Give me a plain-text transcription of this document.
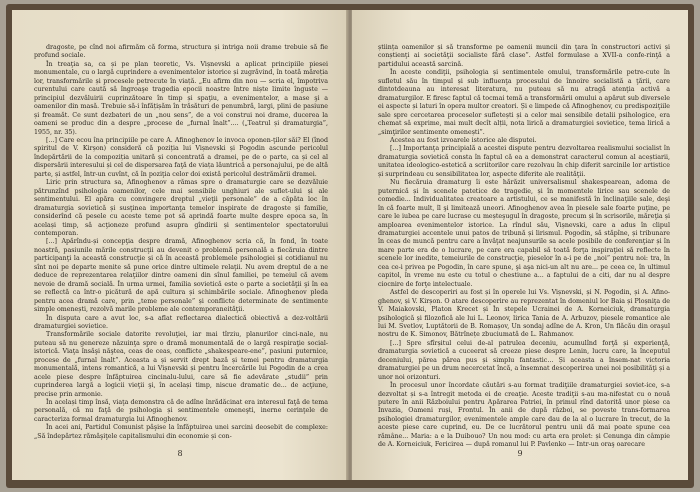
dragoste, pe cînd noi afirmăm că forma, structura și intriga noii drame trebuie să fie profund sociale.

În treaţia sa, ca și pe plan teoretic, Vs. Vișnevski a aplicat principiile piesei monumentale, cu o largă cuprindere a evenimentelor istorice și zugrăvind, în toată măreția lor, transformările și procesele petrecute în viață. „Eu afirm din nou — scria el, împotriva curentului care caută să îngroaşe tragedia epocii noastre între niște limite înguste — principiul dezvăluirii cuprinzătoare în timp și spaţiu, a evenimentelor, a mase şi a oamenilor din masă. Trebuie să-i înfățișăm în trăsături de penumbră, largi, plini de pasiune și freamăt. Ce sunt dezbateri de un „nou sens”, de a voi construi noi drame, ducerea la oameni se produc din a despre „procese de „furnal înalt”.... („Teatrul și dramaturgia”, 1955, nr. 35).

[...] Care ecou îna principiile pe care A. Afinoghenov le invoca oponen-ţilor săi? El (înod spiritul de V. Kirșon) consideră că poziția lui Vișnevski și Pogodin ascunde pericolul îndepărtării de la compoziția unitară și concentrată a dramei, pe de o parte, ca și cel al dispersării interesului și cel de dispersarea faţă de viața lăuntrică a personajului, pe de altă parte, și astfel, într-un cuvînt, că în poziţia celor doi există pericolul destrămării dramei.

Liric prin structura sa, Afinoghenov a rămas spre o dramaturgie care se dezvăluie pătrunzînd psihologia oamenilor, cele mai sensibile unghiuri ale suflet-ului și ale sentimentului. El apăra cu convingere dreptul „vieţii personale” de a căpăta loc în dramaturgia sovietică și susţinea importanţa temelor inspirate de dragoste și familie, considerînd că pesele cu aceste teme pot să aprindă foarte multe despre epoca sa, în același timp, să acţioneze profund asupra gîndirii și sentimentelor spectatorului contemporan.

[...] Apărîndu-și concepţia despre dramă, Afinoghenov scria că, în fond, în toate noastră, pasiunile mările construcţii au devenit o problemă personală a fiecăruia dintre participanţi la această construcţie și că în această problemele psihologiei și cotidianul nu sînt noi pe departe menite să pune orice dintre ultimele relaţii. Nu avem dreptul de a ne deduce de reprezentarea relaţiilor dintre oameni din sînul familiei, pe temeiul că avem nevoie de dramă socială. În urma urmei, familia sovietică este o parte a societăţii şi în ea se reflectă ca într-o picătură de apă cultura și schimbările sociale. Afinoghenov pleda pentru acea dramă care, prin „teme personale” și conflicte determinate de sentimente simple omenești, rezolvă marile probleme ale contemporaneităţii.

În disputa care a avut loc, s-a aflat reflectarea dialectică obiectivă a dez-voltării dramaturgiei sovietice.

Transformările sociale datorite revoluţiei, iar mai tîrziu, planurilor cinci-nale, nu puteau să nu genereze năzuinţa spre o dramă monumentală de o largă respiraţie social-istorică. Viaţa însăşi năştea, ceas de ceas, conflicte „shakespeare-ene”, pasiuni puternice, procese de „furnal înalt”. Aceasta a și servit drept bază și temei pentru dramaturgia monumentală, intens romantică, a lui Vișnevski și pentru încercările lui Pogodin de a crea acele piese despre înfăptuirea cincinalu-lului, care să fie adevărate „studii” prin cuprinderea largă a logicii vieţii şi, în același timp, niscue dramatic de... de acţiune, precise prin armonie.

În același timp însă, viaţa demonstra că de adîne înrădăcinat era interesul faţă de tema personală, că nu faţă de psihologia și sentimentele omeneşti, inerne cerinţele de caracteriza formal dramaturgia lui Afinoghenov.

În acei ani, Partidul Comunist păşise la înfăptuirea unei sarcini deosebit de complexe: „Să îndepărtez rămăşiţele capitalismului din economie și con-

8

știința oamenilor și să transforme pe oamenii muncii din ţara în constructori activi și conștienţi ai societăţii socialiste fără clase”. Astfel formulase a XVII-a confe-rinţă a partidului această sarcină.

În aceste condiţii, psihologia și sentimentele omului, transformările petre-cute în sufletul său în timpul și sub influenţa procesului de înnoire socialistă a ţării, care dintotdeauna au interesat literatura, nu puteau să nu atragă atenţia activă a dramaturgilor. E firesc faptul că tocmai temă a transformării omului a apărut sub diversele ei aspecte și laturi în opera multor creatori. Și e limpede că Afinoghenov, cu predispoziţiile sale spre cercetarea proceselor sufletești și a celor mai sensibile detalii psihologice, era chemat să exprime, mai mult decît alții, nota lirică a dramaturgiei sovietice, tema lirică a „simţirilor sentimente omenești”.

Acestea au fost izvoarele istorice ale disputei.

[...] Importanţa principială a acestei dispute pentru dezvoltarea realismului socialist în dramaturgia sovietică consta în faptul că ea a demonstrat caracterul comun al aceștiarii, unitatea ideologico-estetică a scriitorilor care rezolvau în chip diferit sarcinile lor artistice și surprindeau cu sensibilitatea lor, aspecte diferite ale realităţii.

Nu fiecăruia dramaturg îi este hărăzit universalismul shakespearean, adoma de puternică și în scenele patetice de tragedie, și în momentele lirice sau scenele de comedie... Individualitatea creatoare a artistului, ce se manifestă în înclinaţiile sale, deşi în că foarte mult, îl şi limitează uneori. Afinoghenov avea în piesele sale foarte puţine, pe care le iubea pe care lucrase cu meșteşugul în dragoste, precum și în scrisorile, măreţia și amploarea evenimentelor istorice. La rîndul său, Vișnevski, care a adus în clipul dramaturgiei accentele unui patos de tribună și lirismul. Pogodin, să stăpîne, și tribunare în ceas de muncă pentru care a învăţat neajunsurile sa acele posibile de conferenţiar și în mare parte era de o lucrare, pe care era capabil să toată forţa inspiraţiei să reflecte în scenele lor inedite, temeiurile de construcţie, pieselor în a-i pe de „noi” pentru noi: tra, în cea ce-i privea pe Pogodin, în care spune, şi aşa nici-un alt nu are... pe ceea ce, în ultimul capitol, în vreme nu este cu totul o chestiune a... a faptului de a citi, dar nu al despre ciocnire de forţe intelectuale.

Astfel de descoperiri au fost și în operele lui Vs. Vișnevski, și N. Pogodin, și A. Afino-ghenov, și V. Kirșon. O atare descoperire au reprezentat în domeniul lor Baia și Ploșniţa de V. Maiakovski, Platon Krecet și În stepele Ucrainei de A. Korneiciuk, dramaturgia psihologică și filozofică ale lui L. Leonov, lirica Tania de A. Arbuzov, piesele romantice ale lui M. Svetlov, Luptătorii de B. Romașov, Un sondaj adîne de A. Kron, Un flăcău din oraşul nostru de K. Simonov, Bătrînețe zbuciumată de L. Rahmanov.

[...] Spre sfîrșitul celui de-al patrulea deceniu, acumulînd forţă și experienţă, dramaturgia sovietică a cuceerat să creeze piese despre Lenin, lucru care, la începutul deceniului, părea părea pus și simplu fantastic... Și aceasta a însem-nat victoria dramaturgiei pe un drum necercetat încă, a însemnat descoperirea unei noi posibilităţi și a unor noi orizonturi.

În procesul unor încordate căutări s-au format tradiţiile dramaturgiei soviet-ice, s-a dezvoltat și s-a întregit metoda ei de creaţie. Aceste tradiţii s-au ma-nifestat cu o nouă putere în anii Războiului pentru Apărarea Patriei, în primul rînd datorită unor piese ca Invazia, Oameni ruși, Frontul. În anii de după război, se poveste trans-formarea psihologiei dramaturgilor, evenimentele ample care dau de la al o lucrare în trecut, de la aceste piese care cuprind, eu. De ce lucrătorul pentru unii dă mai poate spune cea rămâne... Maria: a e la Duibouo? Un nou mod: cu arta era prolet: și Cenunga din câmpie de A. Korneiciuk, Fericirea — după romanul lui P. Pavlenko — Intr-un oraş oarecare

9
